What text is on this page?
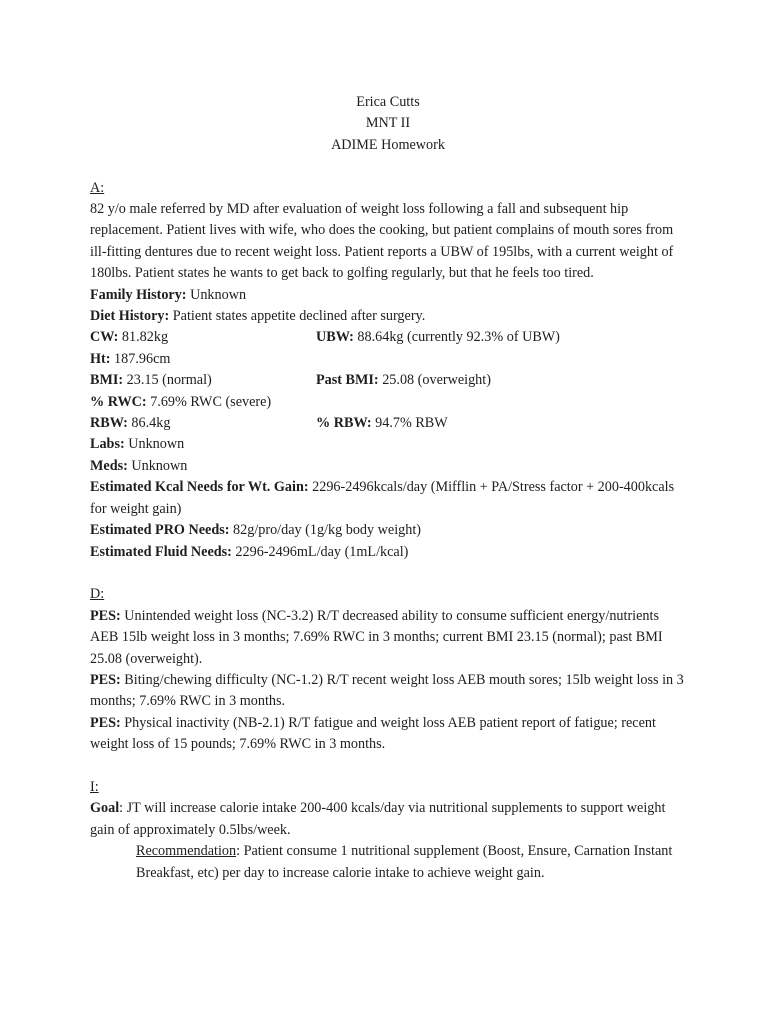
Erica Cutts

MNT II

ADIME Homework

A:

82 y/o male referred by MD after evaluation of weight loss following a fall and subsequent hip replacement. Patient lives with wife, who does the cooking, but patient complains of mouth sores from ill-fitting dentures due to recent weight loss. Patient reports a UBW of 195lbs, with a current weight of 180lbs. Patient states he wants to get back to golfing regularly, but that he feels too tired.

Family History: Unknown

Diet History: Patient states appetite declined after surgery.

CW: 81.82kg	UBW: 88.64kg (currently 92.3% of UBW)

Ht: 187.96cm

BMI: 23.15 (normal)	Past BMI: 25.08 (overweight)

% RWC: 7.69% RWC (severe)

RBW: 86.4kg	% RBW: 94.7% RBW

Labs: Unknown

Meds: Unknown

Estimated Kcal Needs for Wt. Gain: 2296-2496kcals/day (Mifflin + PA/Stress factor + 200-400kcals for weight gain)

Estimated PRO Needs: 82g/pro/day (1g/kg body weight)

Estimated Fluid Needs: 2296-2496mL/day (1mL/kcal)

D:

PES: Unintended weight loss (NC-3.2) R/T decreased ability to consume sufficient energy/nutrients AEB 15lb weight loss in 3 months; 7.69% RWC in 3 months; current BMI 23.15 (normal); past BMI 25.08 (overweight).

PES: Biting/chewing difficulty (NC-1.2) R/T recent weight loss AEB mouth sores; 15lb weight loss in 3 months; 7.69% RWC in 3 months.

PES: Physical inactivity (NB-2.1) R/T fatigue and weight loss AEB patient report of fatigue; recent weight loss of 15 pounds; 7.69% RWC in 3 months.

I:

Goal: JT will increase calorie intake 200-400 kcals/day via nutritional supplements to support weight gain of approximately 0.5lbs/week.

Recommendation: Patient consume 1 nutritional supplement (Boost, Ensure, Carnation Instant Breakfast, etc) per day to increase calorie intake to achieve weight gain.
